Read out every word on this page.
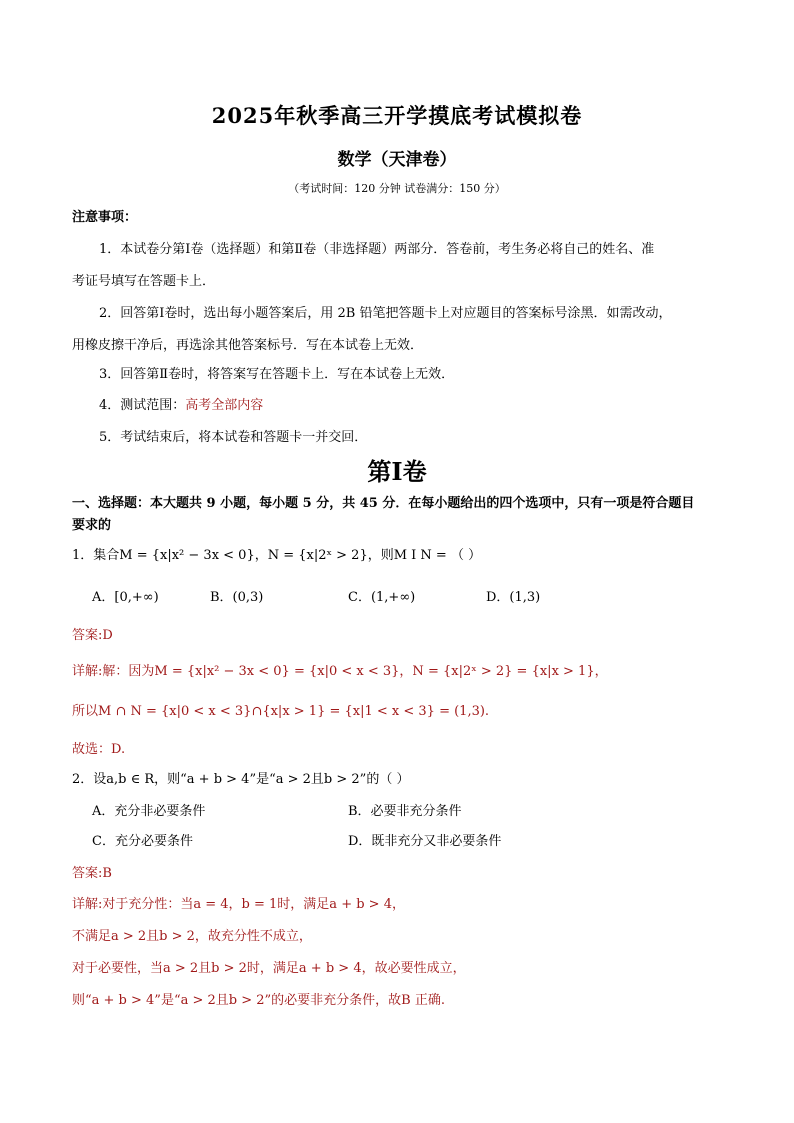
2025年秋季高三开学摸底考试模拟卷
数学（天津卷）
（考试时间：120 分钟 试卷满分：150 分）
注意事项：
1．本试卷分第Ⅰ卷（选择题）和第Ⅱ卷（非选择题）两部分．答卷前，考生务必将自己的姓名、准
考证号填写在答题卡上．
2．回答第Ⅰ卷时，选出每小题答案后，用 2B 铅笔把答题卡上对应题目的答案标号涂黑．如需改动，
用橡皮擦干净后，再选涂其他答案标号．写在本试卷上无效．
3．回答第Ⅱ卷时，将答案写在答题卡上．写在本试卷上无效．
4．测试范围：高考全部内容
5．考试结束后，将本试卷和答题卡一并交回．
第Ⅰ卷
一、选择题：本大题共 9 小题，每小题 5 分，共 45 分．在每小题给出的四个选项中，只有一项是符合题目
要求的
1．集合M = {x|x² − 3x < 0}，N = {x|2ˣ > 2}，则M I N = （ ）
A．[0,+∞)	B．(0,3)	C．(1,+∞)	D．(1,3)
答案:D
详解:解：因为M = {x|x² − 3x < 0} = {x|0 < x < 3}，N = {x|2ˣ > 2} = {x|x > 1}，
所以M ∩ N = {x|0 < x < 3}∩{x|x > 1} = {x|1 < x < 3} = (1,3).
故选：D.
2．设a,b ∈ R，则“a + b > 4”是“a > 2且b > 2”的（ ）
A．充分非必要条件	B．必要非充分条件
C．充分必要条件	D．既非充分又非必要条件
答案:B
详解:对于充分性：当a = 4，b = 1时，满足a + b > 4，
不满足a > 2且b > 2，故充分性不成立，
对于必要性，当a > 2且b > 2时，满足a + b > 4，故必要性成立，
则“a + b > 4”是“a > 2且b > 2”的必要非充分条件，故B 正确.
